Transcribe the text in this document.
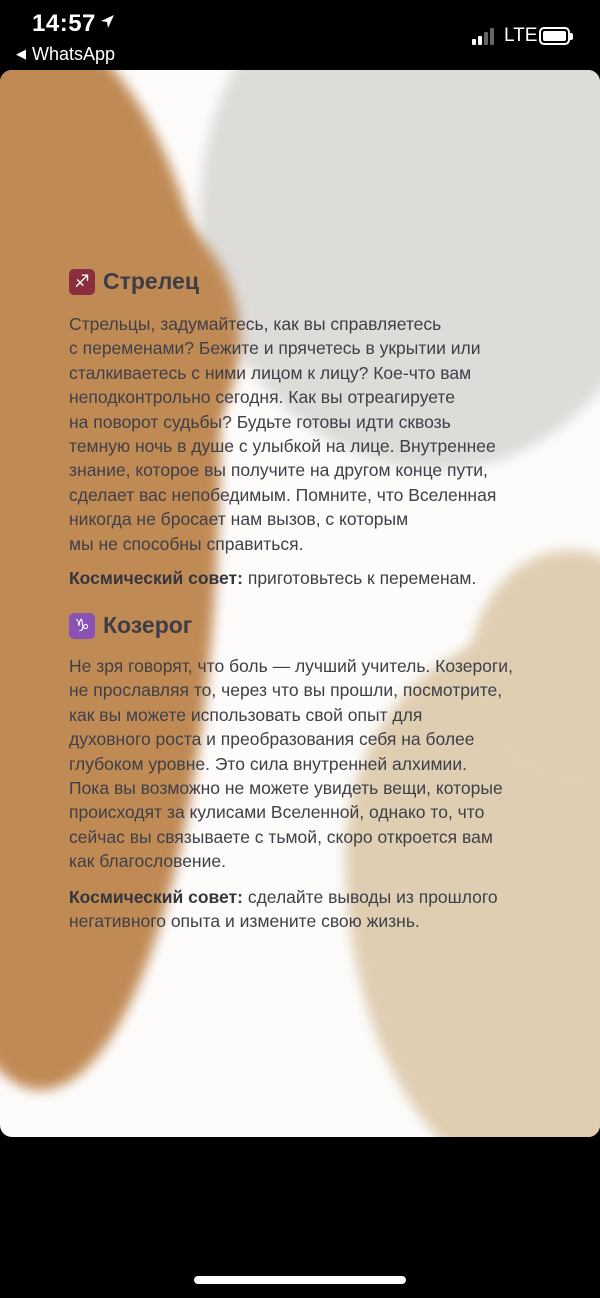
14:57
◀ WhatsApp
LTE
♐ Стрелец
Стрельцы, задумайтесь, как вы справляетесь
с переменами? Бежите и прячетесь в укрытии или
сталкиваетесь с ними лицом к лицу? Кое-что вам
неподконтрольно сегодня. Как вы отреагируете
на поворот судьбы? Будьте готовы идти сквозь
темную ночь в душе с улыбкой на лице. Внутреннее
знание, которое вы получите на другом конце пути,
сделает вас непобедимым. Помните, что Вселенная
никогда не бросает нам вызов, с которым
мы не способны справиться.
Космический совет: приготовьтесь к переменам.
♑ Козерог
Не зря говорят, что боль — лучший учитель. Козероги,
не прославляя то, через что вы прошли, посмотрите,
как вы можете использовать свой опыт для
духовного роста и преобразования себя на более
глубоком уровне. Это сила внутренней алхимии.
Пока вы возможно не можете увидеть вещи, которые
происходят за кулисами Вселенной, однако то, что
сейчас вы связываете с тьмой, скоро откроется вам
как благословение.
Космический совет: сделайте выводы из прошлого
негативного опыта и измените свою жизнь.
